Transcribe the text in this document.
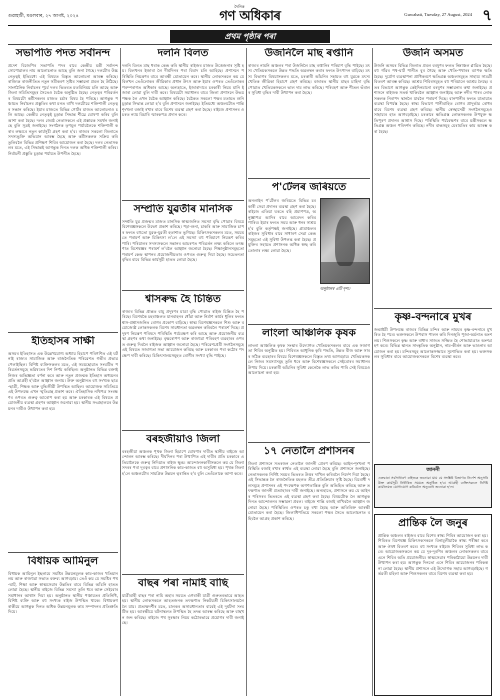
গুৱাহাটী, মঙলবাৰ, ২৭ আগষ্ট, ২০২৪
দৈনিক
গণ অধিকাৰ	Guwahati, Tuesday, 27 August, 2024 ৭
প্ৰথম পৃষ্ঠাৰ পৰা
সভাপতি পদত সৰ্বানন্দ
প্ৰদেশ বিজেপিৰ সভাপতি পদৰ বাবে কেন্দ্ৰীয় মন্ত্ৰী সৰ্বানন্দ সোণোৱালৰ নাম আলোচনাত আছে বুলি জনা গৈছে। দলটোৰ উচ্চ নেতৃত্বই ইতিমধ্যে এই বিষয়ত বিস্তৃত আলোচনা আৰম্ভ কৰিছে। ৰাজ্যিক ৰাজনীতিত নতুন সমীকৰণ সৃষ্টিৰ সম্ভাৱনা প্ৰবল হৈ উঠিছে। সাংগঠনিক নিৰ্বাচনৰ পূৰ্বে দলৰ ভিতৰত মতবিনিময় চলি আছে আৰু জিলা সমিতিসমূহৰ সৈতেও বৈঠক অনুষ্ঠিত হৈছে। নেতৃত্বৰ পৰিৱৰ্তনৰ বিষয়টো কৰ্মীসকলৰ মাজত চৰ্চাৰ বিষয় হৈ পৰিছে। আগন্তুক পঞ্চায়ত নিৰ্বাচনৰ প্ৰস্তুতিৰ কথা মনত ৰাখি দলটোৱে শক্তিশালী নেতৃত্বৰ সন্ধান কৰিছে। ইয়াৰ মাজতে বিভিন্ন গোটৰ মাজত আলোচনাও চলি আছে। কেন্দ্ৰীয় নেতৃত্বই চূড়ান্ত সিদ্ধান্ত শীঘ্ৰে ঘোষণা কৰিব বুলি আশা কৰা হৈছে। দলৰ জ্যেষ্ঠ নেতাসকলে এই প্ৰস্তাৱক সমৰ্থন জনাইছে বুলি সূত্ৰই জনাইছে। সংগঠনক তৃণমূল পৰ্যায়লৈকে শক্তিশালী কৰাৰ লক্ষ্যৰে নতুন কাৰ্যসূচী গ্ৰহণ কৰা হ'ব। ৰাজ্যৰ সকলো জিলাতে সদস্যভুক্তি অভিযান আৰম্ভ হৈছে আৰু কৰ্মীসকলক সক্ৰিয় কৰি তুলিবলৈ বিভিন্ন প্ৰশিক্ষণ শিবিৰ আয়োজন কৰা হৈছে। দলৰ নেতাসকলৰ মতে, এই সিদ্ধান্তই আগন্তুক দিনত দলক অধিক শক্তিশালী কৰিব। নিৰ্বাচনী প্ৰস্তুতি চূড়ান্ত পৰ্যায়ত উপনীত হৈছে।
ইতিহাসৰ সাক্ষী
অসমৰ ইতিহাসত এক উল্লেখযোগ্য অধ্যায় হিচাপে পৰিগণিত এই ঘটনাই ৰাজ্যৰ সামাজিক আৰু ৰাজনৈতিক পৰিৱেশত গভীৰ প্ৰভাৱ পেলাইছিল। বিশিষ্ট ব্যক্তিসকলৰ মতে, এই সময়ছোৱাত সংঘটিত পৰিৱৰ্তনসমূহে ভৱিষ্যতৰ দিশ নিৰ্ণয় কৰিছিল। অনুষ্ঠানত বিভিন্ন বক্তাই নিজৰ অভিজ্ঞতা বৰ্ণনা কৰে আৰু নতুন প্ৰজন্মক ইতিহাস অধ্যয়নৰ প্ৰতি আগ্ৰহী হ'বলৈ আহ্বান জনায়। উক্ত অনুষ্ঠানত বহু সংখ্যক ছাত্ৰ-ছাত্ৰী, শিক্ষক আৰু বুদ্ধিজীৱী উপস্থিত আছিল। আয়োজক সমিতিয়ে এই উপলক্ষে এখন স্মৃতিগ্ৰন্থ প্ৰকাশ কৰে। ঐতিহাসিক নথিপত্ৰ সংৰক্ষণৰ ওপৰত গুৰুত্ব আৰোপ কৰা হয় আৰু চৰকাৰক এই বিষয়ত প্ৰয়োজনীয় ব্যৱস্থা গ্ৰহণৰ আহ্বান জনোৱা হয়। স্থানীয় সংগ্ৰহালয়ৰ উন্নয়নৰ দাবীও উত্থাপন কৰা হয়।
বিধায়ক আমিনুল
বিধায়ক আমিনুল ইছলামে সমষ্টিৰ উন্নয়নমূলক কাম-কাজৰ খতিয়ান লয় আৰু ৰাজহুৱা সভাত বক্তব্য আগবঢ়ায়। তেওঁ কয় যে সমষ্টিৰ পথ-ঘাট, শিক্ষা আৰু স্বাস্থ্যসেৱাৰ উন্নতিৰ বাবে বিভিন্ন আঁচনি হাতত লোৱা হৈছে। স্থানীয় ৰাইজে বিভিন্ন সমস্যা তুলি ধৰে আৰু সেইবোৰ সমাধানৰ আশ্বাস দিয়া হয়। অনুষ্ঠানত স্থানীয় পঞ্চায়তৰ প্ৰতিনিধি, বিশিষ্ট ব্যক্তি আৰু বহু সংখ্যক ৰাইজ উপস্থিত থাকে। বিধায়কগৰাকীয়ে আগন্তুক দিনত অধিক উন্নয়নমূলক কাম সম্পাদনৰ প্ৰতিশ্ৰুতি দিয়ে।
দলনি বিলত
দলনি বিলত মাছ ধৰাক কেন্দ্ৰ কৰি স্থানীয় ৰাইজৰ মাজত উত্তেজনাৰ সৃষ্টি হয়। বিলখনৰ ইজাৰা লৈ দীৰ্ঘদিনৰ পৰা বিবাদ চলি আহিছে। প্ৰশাসনে পৰিস্থিতি নিয়ন্ত্ৰণৰ বাবে আৰক্ষী মোতায়েন কৰে। স্থানীয় লোকসকলে কয় যে বিলখন তেওঁলোকৰ জীৱিকাৰ প্ৰধান উৎস আৰু ইয়াৰ ওপৰত তেওঁলোকৰ পৰম্পৰাগত অধিকাৰ আছে। অন্যহাতে, ইজাৰাদাৰে চৰকাৰী নিয়ম মানি ইজাৰা লোৱা বুলি দাবী কৰে। বিষয়টো সমাধানৰ বাবে জিলা প্ৰশাসনে উভয় পক্ষক লৈ এখন বৈঠক আহ্বান কৰিছে। বৈঠকত সকলো পক্ষৰ মতামত শুনি চূড়ান্ত সিদ্ধান্ত লোৱা হ'ব বুলি প্ৰশাসনে জনাইছে। ইতিমধ্যে অঞ্চলটোত শান্তি শৃংখলা বজাই ৰখাৰ বাবে বিশেষ ব্যৱস্থা গ্ৰহণ কৰা হৈছে। ৰাইজে প্ৰশাসনৰ ওচৰত ন্যায় বিচাৰি স্মাৰকপত্ৰ প্ৰদান কৰে।
সম্প্ৰতি যুৱতীৰ মানসিক
সম্প্ৰতি যুৱ প্ৰজন্মৰ মাজত মানসিক স্বাস্থ্যজনিত সমস্যা বৃদ্ধি পোৱাৰ বিষয়ে বিশেষজ্ঞসকলে উদ্বেগ প্ৰকাশ কৰিছে। পঢ়া-শুনা, চাকৰি আৰু সামাজিক চাপৰ ফলত বহুতো যুৱক-যুৱতী হতাশাত ভুগিছে। চিকিৎসকসকলৰ মতে, সময়মতে পৰামৰ্শ আৰু চিকিৎসা ল'লে এই সমস্যা বহু পৰিমাণে নিয়ন্ত্ৰণ কৰিব পাৰি। পৰিয়ালৰ সদস্যসকলে সন্তানৰ আচৰণত পৰিৱৰ্তন লক্ষ্য কৰিলে তৎক্ষণাত বিশেষজ্ঞৰ পৰামৰ্শ ল'বলৈ আহ্বান জনোৱা হৈছে। শিক্ষানুষ্ঠানসমূহতো পৰামৰ্শ কেন্দ্ৰ স্থাপনৰ প্ৰয়োজনীয়তাৰ ওপৰত গুৰুত্ব দিয়া হৈছে। সচেতনতা বৃদ্ধিৰ বাবে বিভিন্ন কাৰ্যসূচী হাতত লোৱা হৈছে।
শ্বাসৰুদ্ধ হৈ চিন্তিত
ৰাজ্যৰ বিভিন্ন প্ৰান্তত বায়ু প্ৰদূষণৰ মাত্ৰা বৃদ্ধি পোৱাত ৰাইজ চিন্তিত হৈ পৰিছে। বিশেষকৈ চহৰাঞ্চলত যানবাহনৰ ধোঁৱা আৰু নিৰ্মাণ কাৰ্যৰ ধূলিৰ ফলত শ্বাস-প্ৰশ্বাসজনিত ৰোগৰ প্ৰকোপ বাঢ়িছে। স্বাস্থ্য বিশেষজ্ঞসকলে শিশু আৰু বয়োজ্যেষ্ঠ লোকসকলক বিশেষ সাৱধানতা অৱলম্বন কৰিবলৈ পৰামৰ্শ দিছে। প্ৰদূষণ নিয়ন্ত্ৰণ পৰিষদে পৰিস্থিতি পৰ্যবেক্ষণ কৰি আছে আৰু প্ৰয়োজনীয় ব্যৱস্থা গ্ৰহণৰ কথা জনাইছে। বৃক্ষৰোপণ আৰু ৰাজহুৱা পৰিবহণ ব্যৱহাৰৰ ওপৰত গুৰুত্ব দিবলৈ ৰাইজক আহ্বান জনোৱা হৈছে। পৰিৱেশপ্ৰেমী সংগঠনসমূহে এই বিষয়ত সজাগতা সভা আয়োজন কৰিছে আৰু চৰকাৰৰ পৰা কঠোৰ পদক্ষেপ দাবী কৰিছে। চিকিৎসালয়সমূহত ৰোগীৰ সংখ্যা বৃদ্ধি পাইছে।
বৰহজীয়াও জিলা
বৰহজীয়া অঞ্চলক পৃথক জিলা হিচাপে ঘোষণাৰ দাবীত স্থানীয় ৰাইজে আন্দোলন আৰম্ভ কৰিছে। দীৰ্ঘদিনৰ পৰা উত্থাপিত এই দাবীৰ প্ৰতি চৰকাৰে এতিয়ালৈকে গুৰুত্ব নিদিয়াত ৰাইজ ক্ষুব্ধ। আন্দোলনকাৰীসকলে কয় যে জিলা সদৰৰ পৰা দূৰত্বৰ বাবে প্ৰশাসনিক কাম-কাজত বহু অসুবিধা হয়। পৃথক জিলা হ'লে অঞ্চলটোৰ সামগ্ৰিক উন্নয়ন ত্বৰান্বিত হ'ব বুলি তেওঁলোকে আশা কৰে।
বাছৰ পৰা নামাই বাছি
যাত্ৰীবাহী বাছৰ পৰা নামি অহাৰ সময়ত এগৰাকী যাত্ৰী গুৰুতৰভাৱে আহত হয়। স্থানীয় লোকসকলে আহতজনক তৎক্ষণাত নিকটৱৰ্তী চিকিৎসালয়লৈ লৈ যায়। প্ৰত্যক্ষদৰ্শীৰ মতে, চালকৰ অসাৱধানতাৰ বাবেই এই দুৰ্ঘটনা সংঘটিত হয়। আৰক্ষীয়ে ঘটনাস্থলত উপস্থিত হৈ তদন্ত আৰম্ভ কৰিছে আৰু বাছখন জব্দ কৰিছে। ৰাইজে পথ সুৰক্ষাৰ নিয়ম কঠোৰভাৱে প্ৰয়োগৰ দাবী জনাইছে।
উজনিলৈ মাছ ৰপ্তানি
ৰাজ্যৰ নামনি অঞ্চলৰ পৰা উজনিলৈ মাছ ৰপ্তানিৰ পৰিমাণ বৃদ্ধি পাইছে। মৎস্য খেতিয়কসকলে উন্নত পদ্ধতি অৱলম্বন কৰাৰ ফলত উৎপাদন বাঢ়িছে। মৎস্য বিভাগৰ বিষয়াসকলৰ মতে, চৰকাৰী আঁচনিৰ সহায়ত বহু যুৱকে মৎস্য খেতিক জীৱিকা হিচাপে গ্ৰহণ কৰিছে। বজাৰত স্থানীয় মাছৰ চাহিদা বৃদ্ধি পোৱাত খেতিয়কসকলে ভাল দাম লাভ কৰিছে। পৰিবহণ আৰু শীতল ভঁৰালৰ সুবিধা বৃদ্ধিৰ দাবী উত্থাপন কৰা হৈছে।
প'ৰ্টেলৰ জৰিয়তে
অনলাইন প'ৰ্টেলৰ জৰিয়তে বিভিন্ন চৰকাৰী সেৱা প্ৰদানৰ ব্যৱস্থা গ্ৰহণ কৰা হৈছে। ৰাইজে এতিয়া ঘৰতে বহি প্ৰমাণপত্ৰ, অনুজ্ঞাপত্ৰ আদিৰ বাবে আবেদন কৰিব পাৰিব। ইয়াৰ ফলত সময় আৰু ধনৰ সাশ্ৰয় হ'ব বুলি কৰ্তৃপক্ষই জনাইছে। গ্ৰামাঞ্চলৰ ৰাইজৰ সুবিধাৰ বাবে সাধাৰণ সেৱা কেন্দ্ৰসমূহতো এই সুবিধা উপলব্ধ কৰা হৈছে। প্ৰযুক্তিৰ সহায়ত প্ৰশাসনক অধিক স্বচ্ছ কৰি তোলাৰ লক্ষ্য লোৱা হৈছে।
অনুষ্ঠানৰ এটি দৃশ্য।
লাংলা আঞ্চলিক কৃষক
লাংলা আঞ্চলিক কৃষক সংস্থাৰ উদ্যোগত খেতিয়কসকলৰ বাবে এক সজাগতা শিবিৰ অনুষ্ঠিত হয়। শিবিৰত আধুনিক কৃষি পদ্ধতি, উন্নত বীজ আৰু সাৰৰ সঠিক ব্যৱহাৰৰ বিষয়ে বিশেষজ্ঞসকলে বিস্তৃত তথ্য আগবঢ়ায়। খেতিয়কসকলে নিজৰ সমস্যাসমূহ তুলি ধৰে আৰু বিশেষজ্ঞসকলে সেইবোৰৰ সমাধানৰ উপায় দিয়ে। চৰকাৰী আঁচনিৰ সুবিধা কেনেকৈ লাভ কৰিব পাৰি সেই বিষয়েও আলোচনা কৰা হয়।
১৭ নেতালৈ প্ৰশাসনৰ
জিলা প্ৰশাসনে সতৰজন নেতালৈ জাননী প্ৰেৰণ কৰিছে। আইন-শৃংখলা পৰিস্থিতি বজাই ৰখাৰ স্বাৰ্থত এই ব্যৱস্থা লোৱা হৈছে বুলি প্ৰশাসনে জনাইছে। নেতাসকলক নিৰ্দিষ্ট সময়ৰ ভিতৰত উত্তৰ দাখিল কৰিবলৈ নিৰ্দেশ দিয়া হৈছে। এই সিদ্ধান্তক লৈ ৰাজনৈতিক মহলত তীব্ৰ প্ৰতিক্ৰিয়াৰ সৃষ্টি হৈছে। বিৰোধী দলসমূহে প্ৰশাসনৰ এই পদক্ষেপক অগণতান্ত্ৰিক বুলি অভিহিত কৰিছে আৰু তৎক্ষণাত জাননী প্ৰত্যাহাৰৰ দাবী জনাইছে। অন্যহাতে, প্ৰশাসনে কয় যে আইনৰ পৰিসৰৰ ভিতৰতে এই ব্যৱস্থা গ্ৰহণ কৰা হৈছে। বিষয়টোক লৈ আগন্তুক দিনত আন্দোলনৰ সম্ভাৱনা প্ৰবল। ৰাইজে শান্তি বজাই ৰাখিবলৈ আহ্বান জনোৱা হৈছে। পৰিস্থিতিৰ ওপৰত চকু ৰখা হৈছে আৰু অতিৰিক্ত আৰক্ষী মোতায়েন কৰা হৈছে। জিলাধিপতিয়ে সকলো পক্ষৰ সৈতে আলোচনাত বহিবলৈ আগ্ৰহ প্ৰকাশ কৰিছে।
উজনি অসমত
উজনি অসমৰ বিভিন্ন জিলাত প্ৰবল বৰষুণৰ ফলত নিম্নাঞ্চল প্লাৱিত হৈছে। বহু গাঁৱৰ পথ-ঘাট পানীত বুৰ গৈছে আৰু খেতি-পথাৰৰ ব্যাপক ক্ষতি হৈছে। দুৰ্যোগ ব্যৱস্থাপনা প্ৰাধিকৰণে ক্ষতিগ্ৰস্ত অঞ্চলসমূহত সাহায্য সামগ্ৰী বিতৰণ আৰম্ভ কৰিছে। আশ্ৰয় শিবিৰসমূহত বহু পৰিয়ালে আশ্ৰয় লৈছে। বতৰ বিভাগে আগন্তুক কেইদিনমানো বৰষুণৰ সম্ভাৱনাৰ কথা জনাইছে। প্ৰশাসনে ৰাইজক সতৰ্ক থাকিবলৈ আহ্বান জনাইছে আৰু নদীৰ পাৰৰ লোকসকলক নিৰাপদ স্থানলৈ যাবলৈ পৰামৰ্শ দিছে। বানপানীৰ ফলত যাতায়াত ব্যৱস্থা বিপৰ্যস্ত হৈছে। স্বাস্থ্য বিভাগে পানীবাহিত ৰোগৰ প্ৰাদুৰ্ভাৱ ৰোধৰ বাবে বিশেষ ব্যৱস্থা গ্ৰহণ কৰিছে। স্থানীয় স্বেচ্ছাসেৱী সংগঠনসমূহেও সাহায্যৰ হাত আগবঢ়াইছে। চৰকাৰে ক্ষতিগ্ৰস্ত লোকসকলক উপযুক্ত ক্ষতিপূৰণ প্ৰদানৰ আশ্বাস দিছে। পৰিস্থিতি পৰ্যবেক্ষণৰ বাবে মন্ত্ৰীসকলে ক্ষতিগ্ৰস্ত অঞ্চল পৰিদৰ্শন কৰিছে। নদীৰ বান্ধসমূহ মেৰামতিৰ কাম আৰম্ভ কৰা হৈছে।
কৃষ্ণ-বন্দনাৰে মুখৰ
জন্মাষ্টমী উপলক্ষে ৰাজ্যৰ বিভিন্ন মন্দিৰ আৰু নামঘৰ কৃষ্ণ-বন্দনাৰে মুখৰিত হৈ পৰে। ভক্তসকলে উপবাস পালন কৰি দিনজুৰি পূজা-অৰ্চনাত অংশ লয়। শিশুসকলে কৃষ্ণ আৰু ৰাধাৰ সাজত সজ্জিত হৈ শোভাযাত্ৰাত অংশগ্ৰহণ কৰে। বিভিন্ন স্থানত সাংস্কৃতিক অনুষ্ঠান, নাম-কীৰ্তন আৰু ভাওনাৰ আয়োজন কৰা হয়। মন্দিৰসমূহ আলোকসজ্জাৰে সুশোভিত কৰা হয়। ভক্তসকলৰ সুবিধাৰ বাবে আয়োজকসকলে বিশেষ ব্যৱস্থা কৰে।
জাননী
এতদ্বাৰা সৰ্বসাধাৰণ ৰাইজক জনোৱা যায় যে সংশ্লিষ্ট বিভাগৰ নিৰ্দেশ অনুসৰি উক্ত কাৰ্যসূচী নিৰ্ধাৰিত সময়ত অনুষ্ঠিত হ'ব। আগ্ৰহী ব্যক্তিসকলে নিৰ্দিষ্ট কাৰ্যালয়ত যোগাযোগ কৰিবলৈ অনুৰোধ জনোৱা হ'ল।
প্ৰান্তিক লৈ জনুৰ
প্ৰান্তিক অঞ্চলৰ ৰাইজৰ বাবে বিশেষ স্বাস্থ্য শিবিৰ আয়োজন কৰা হয়। শিবিৰত বিশেষজ্ঞ চিকিৎসকসকলে বিনামূলীয়াকৈ স্বাস্থ্য পৰীক্ষা কৰে আৰু ঔষধ বিতৰণ কৰে। বহু সংখ্যক ৰাইজে শিবিৰৰ সুবিধা লাভ কৰে। আয়োজকসকলে কয় যে দূৰ-দূৰণিৰ অঞ্চলৰ লোকসকলৰ বাবে এনে শিবিৰ অতি প্ৰয়োজনীয়। স্বাস্থ্যসেৱাৰ পৰিকাঠামো উন্নয়নৰ দাবী উত্থাপন কৰা হয়। আগন্তুক দিনতো এনে শিবিৰ আয়োজনৰ পৰিকল্পনা লোৱা হৈছে। স্থানীয় প্ৰশাসনে এই উদ্যোগক সহায় আগবঢ়াইছে। গৰ্ভৱতী মহিলা আৰু শিশুসকলৰ বাবে বিশেষ ব্যৱস্থা কৰা হয়।
